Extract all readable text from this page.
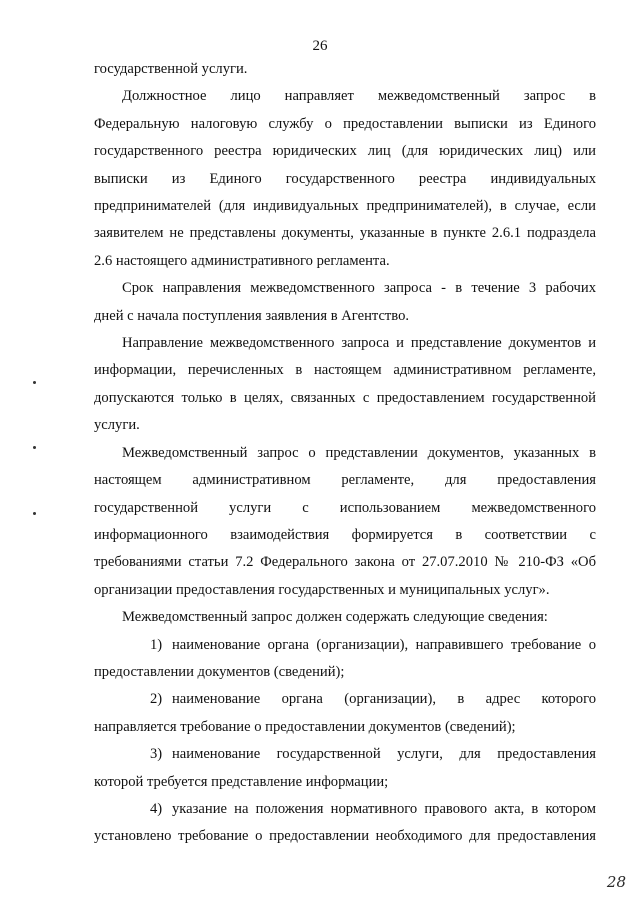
26

государственной услуги.

Должностное лицо направляет межведомственный запрос в

Федеральную налоговую службу о предоставлении выписки из Единого

государственного реестра юридических лиц (для юридических лиц) или

выписки из Единого государственного реестра индивидуальных

предпринимателей (для индивидуальных предпринимателей), в случае, если

заявителем не представлены документы, указанные в пункте 2.6.1 подраздела

2.6 настоящего административного регламента.

Срок направления межведомственного запроса - в течение 3 рабочих

дней с начала поступления заявления в Агентство.

Направление межведомственного запроса и представление документов и

информации, перечисленных в настоящем административном регламенте,

допускаются только в целях, связанных с предоставлением государственной

услуги.

Межведомственный запрос о представлении документов, указанных в

настоящем административном регламенте, для предоставления

государственной услуги с использованием межведомственного

информационного взаимодействия формируется в соответствии с

требованиями статьи 7.2 Федерального закона от 27.07.2010 № 210-ФЗ «Об

организации предоставления государственных и муниципальных услуг».

Межведомственный запрос должен содержать следующие сведения:

1) наименование органа (организации), направившего требование о

предоставлении документов (сведений);

2) наименование органа (организации), в адрес которого

направляется требование о предоставлении документов (сведений);

3) наименование государственной услуги, для предоставления

которой требуется представление информации;

4) указание на положения нормативного правового акта, в котором

установлено требование о предоставлении необходимого для предоставления

28
